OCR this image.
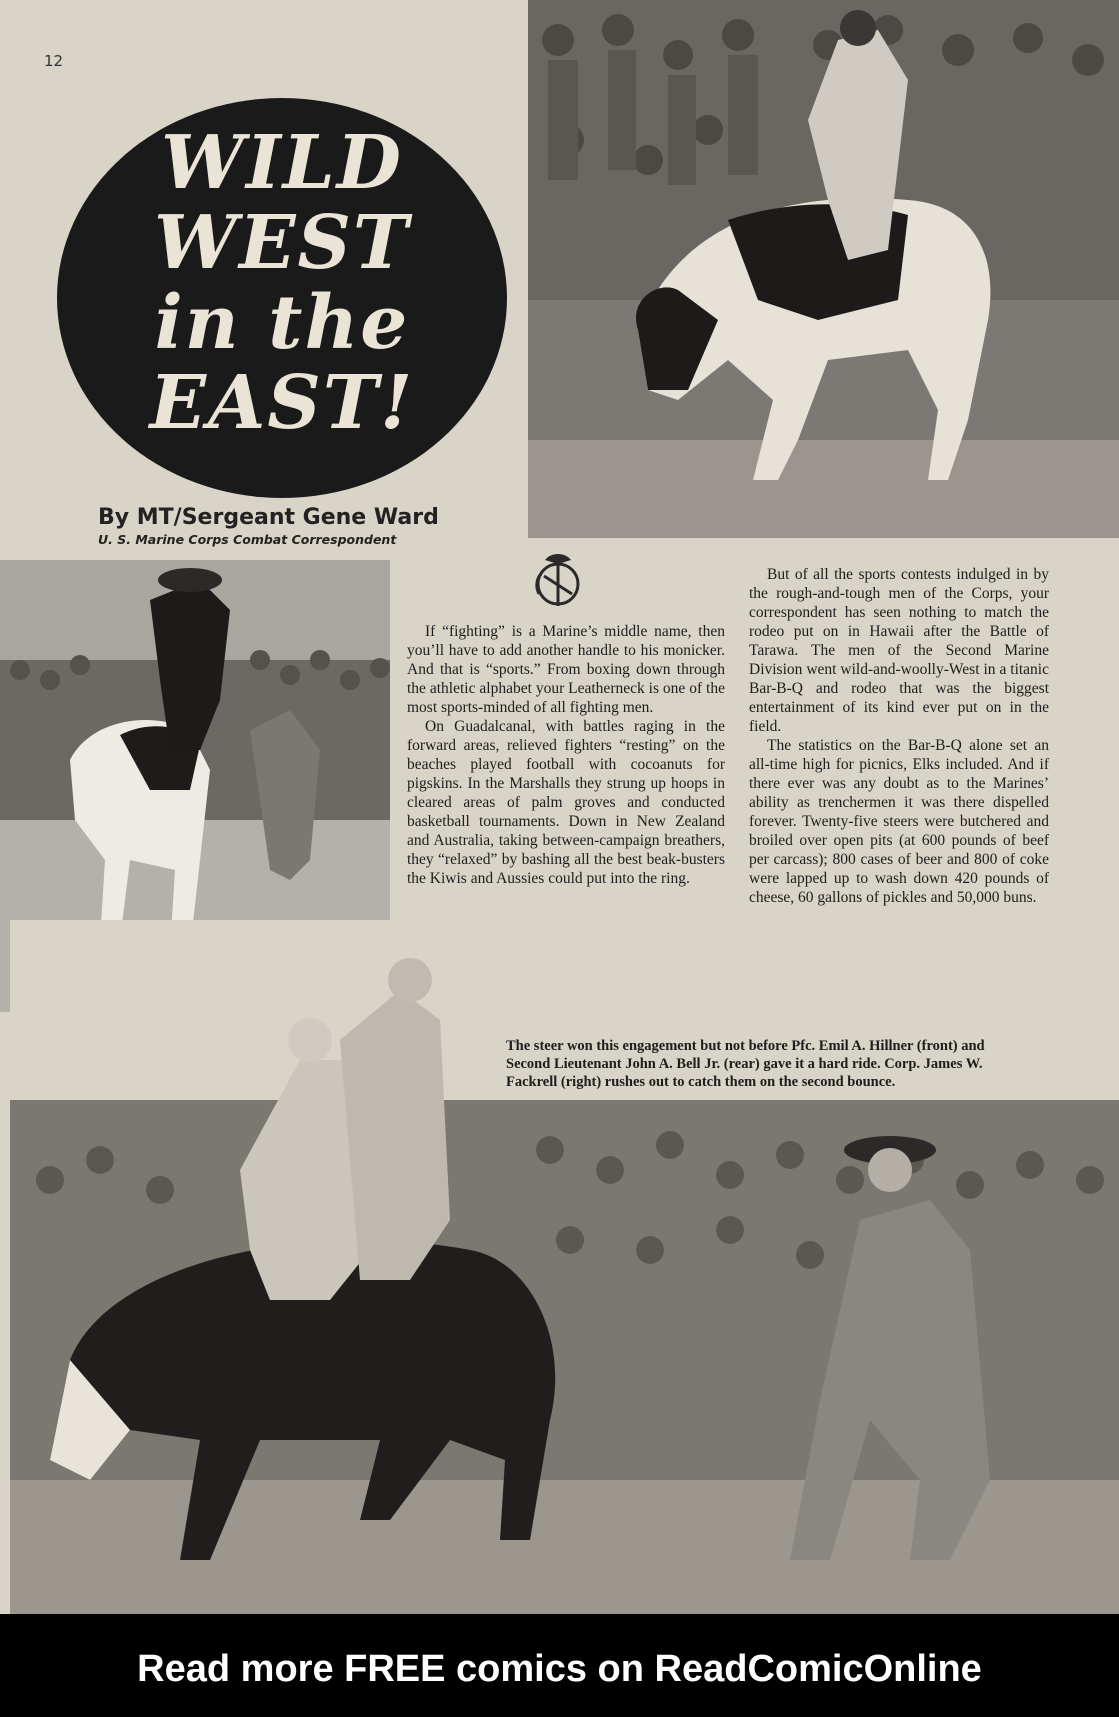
12
WILD
WEST
in the
EAST!
By MT/Sergeant Gene Ward
U. S. Marine Corps Combat Correspondent

If “fighting” is a Marine’s middle name, then you’ll have to add another handle to his monicker. And that is “sports.” From boxing down through the athletic alphabet your Leatherneck is one of the most sports-minded of all fighting men.

On Guadalcanal, with battles raging in the forward areas, relieved fighters “resting” on the beaches played football with cocoanuts for pigskins. In the Marshalls they strung up hoops in cleared areas of palm groves and conducted basketball tournaments. Down in New Zealand and Australia, taking between-campaign breathers, they “relaxed” by bashing all the best beak-busters the Kiwis and Aussies could put into the ring.

But of all the sports contests indulged in by the rough-and-tough men of the Corps, your correspondent has seen nothing to match the rodeo put on in Hawaii after the Battle of Tarawa. The men of the Second Marine Division went wild-and-woolly-West in a titanic Bar-B-Q and rodeo that was the biggest entertainment of its kind ever put on in the field.

The statistics on the Bar-B-Q alone set an all-time high for picnics, Elks included. And if there ever was any doubt as to the Marines’ ability as trenchermen it was there dispelled forever. Twenty-five steers were butchered and broiled over open pits (at 600 pounds of beef per carcass); 800 cases of beer and 800 of coke were lapped up to wash down 420 pounds of cheese, 60 gallons of pickles and 50,000 buns.

The steer won this engagement but not before Pfc. Emil A. Hillner (front) and Second Lieutenant John A. Bell Jr. (rear) gave it a hard ride. Corp. James W. Fackrell (right) rushes out to catch them on the second bounce.
Read more FREE comics on ReadComicOnline
